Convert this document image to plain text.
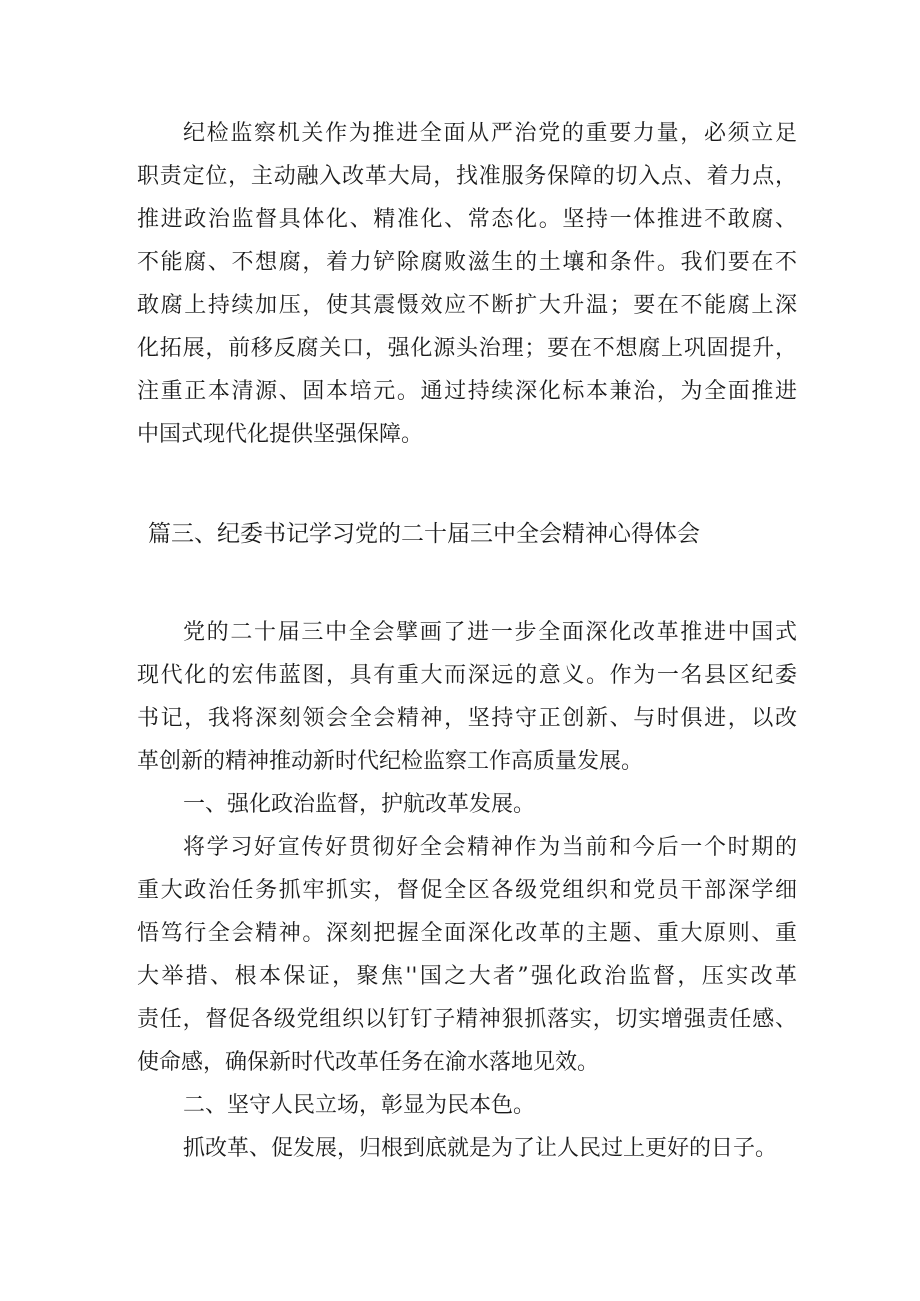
纪检监察机关作为推进全面从严治党的重要力量，必须立足
职责定位，主动融入改革大局，找准服务保障的切入点、着力点，
推进政治监督具体化、精准化、常态化。坚持一体推进不敢腐、
不能腐、不想腐，着力铲除腐败滋生的土壤和条件。我们要在不
敢腐上持续加压，使其震慑效应不断扩大升温；要在不能腐上深
化拓展，前移反腐关口，强化源头治理；要在不想腐上巩固提升，
注重正本清源、固本培元。通过持续深化标本兼治，为全面推进
中国式现代化提供坚强保障。
篇三、纪委书记学习党的二十届三中全会精神心得体会
党的二十届三中全会擘画了进一步全面深化改革推进中国式
现代化的宏伟蓝图，具有重大而深远的意义。作为一名县区纪委
书记，我将深刻领会全会精神，坚持守正创新、与时俱进，以改
革创新的精神推动新时代纪检监察工作高质量发展。
一、强化政治监督，护航改革发展。
将学习好宣传好贯彻好全会精神作为当前和今后一个时期的
重大政治任务抓牢抓实，督促全区各级党组织和党员干部深学细
悟笃行全会精神。深刻把握全面深化改革的主题、重大原则、重
大举措、根本保证，聚焦''国之大者”强化政治监督，压实改革
责任，督促各级党组织以钉钉子精神狠抓落实，切实增强责任感、
使命感，确保新时代改革任务在渝水落地见效。
二、坚守人民立场，彰显为民本色。
抓改革、促发展，归根到底就是为了让人民过上更好的日子。
